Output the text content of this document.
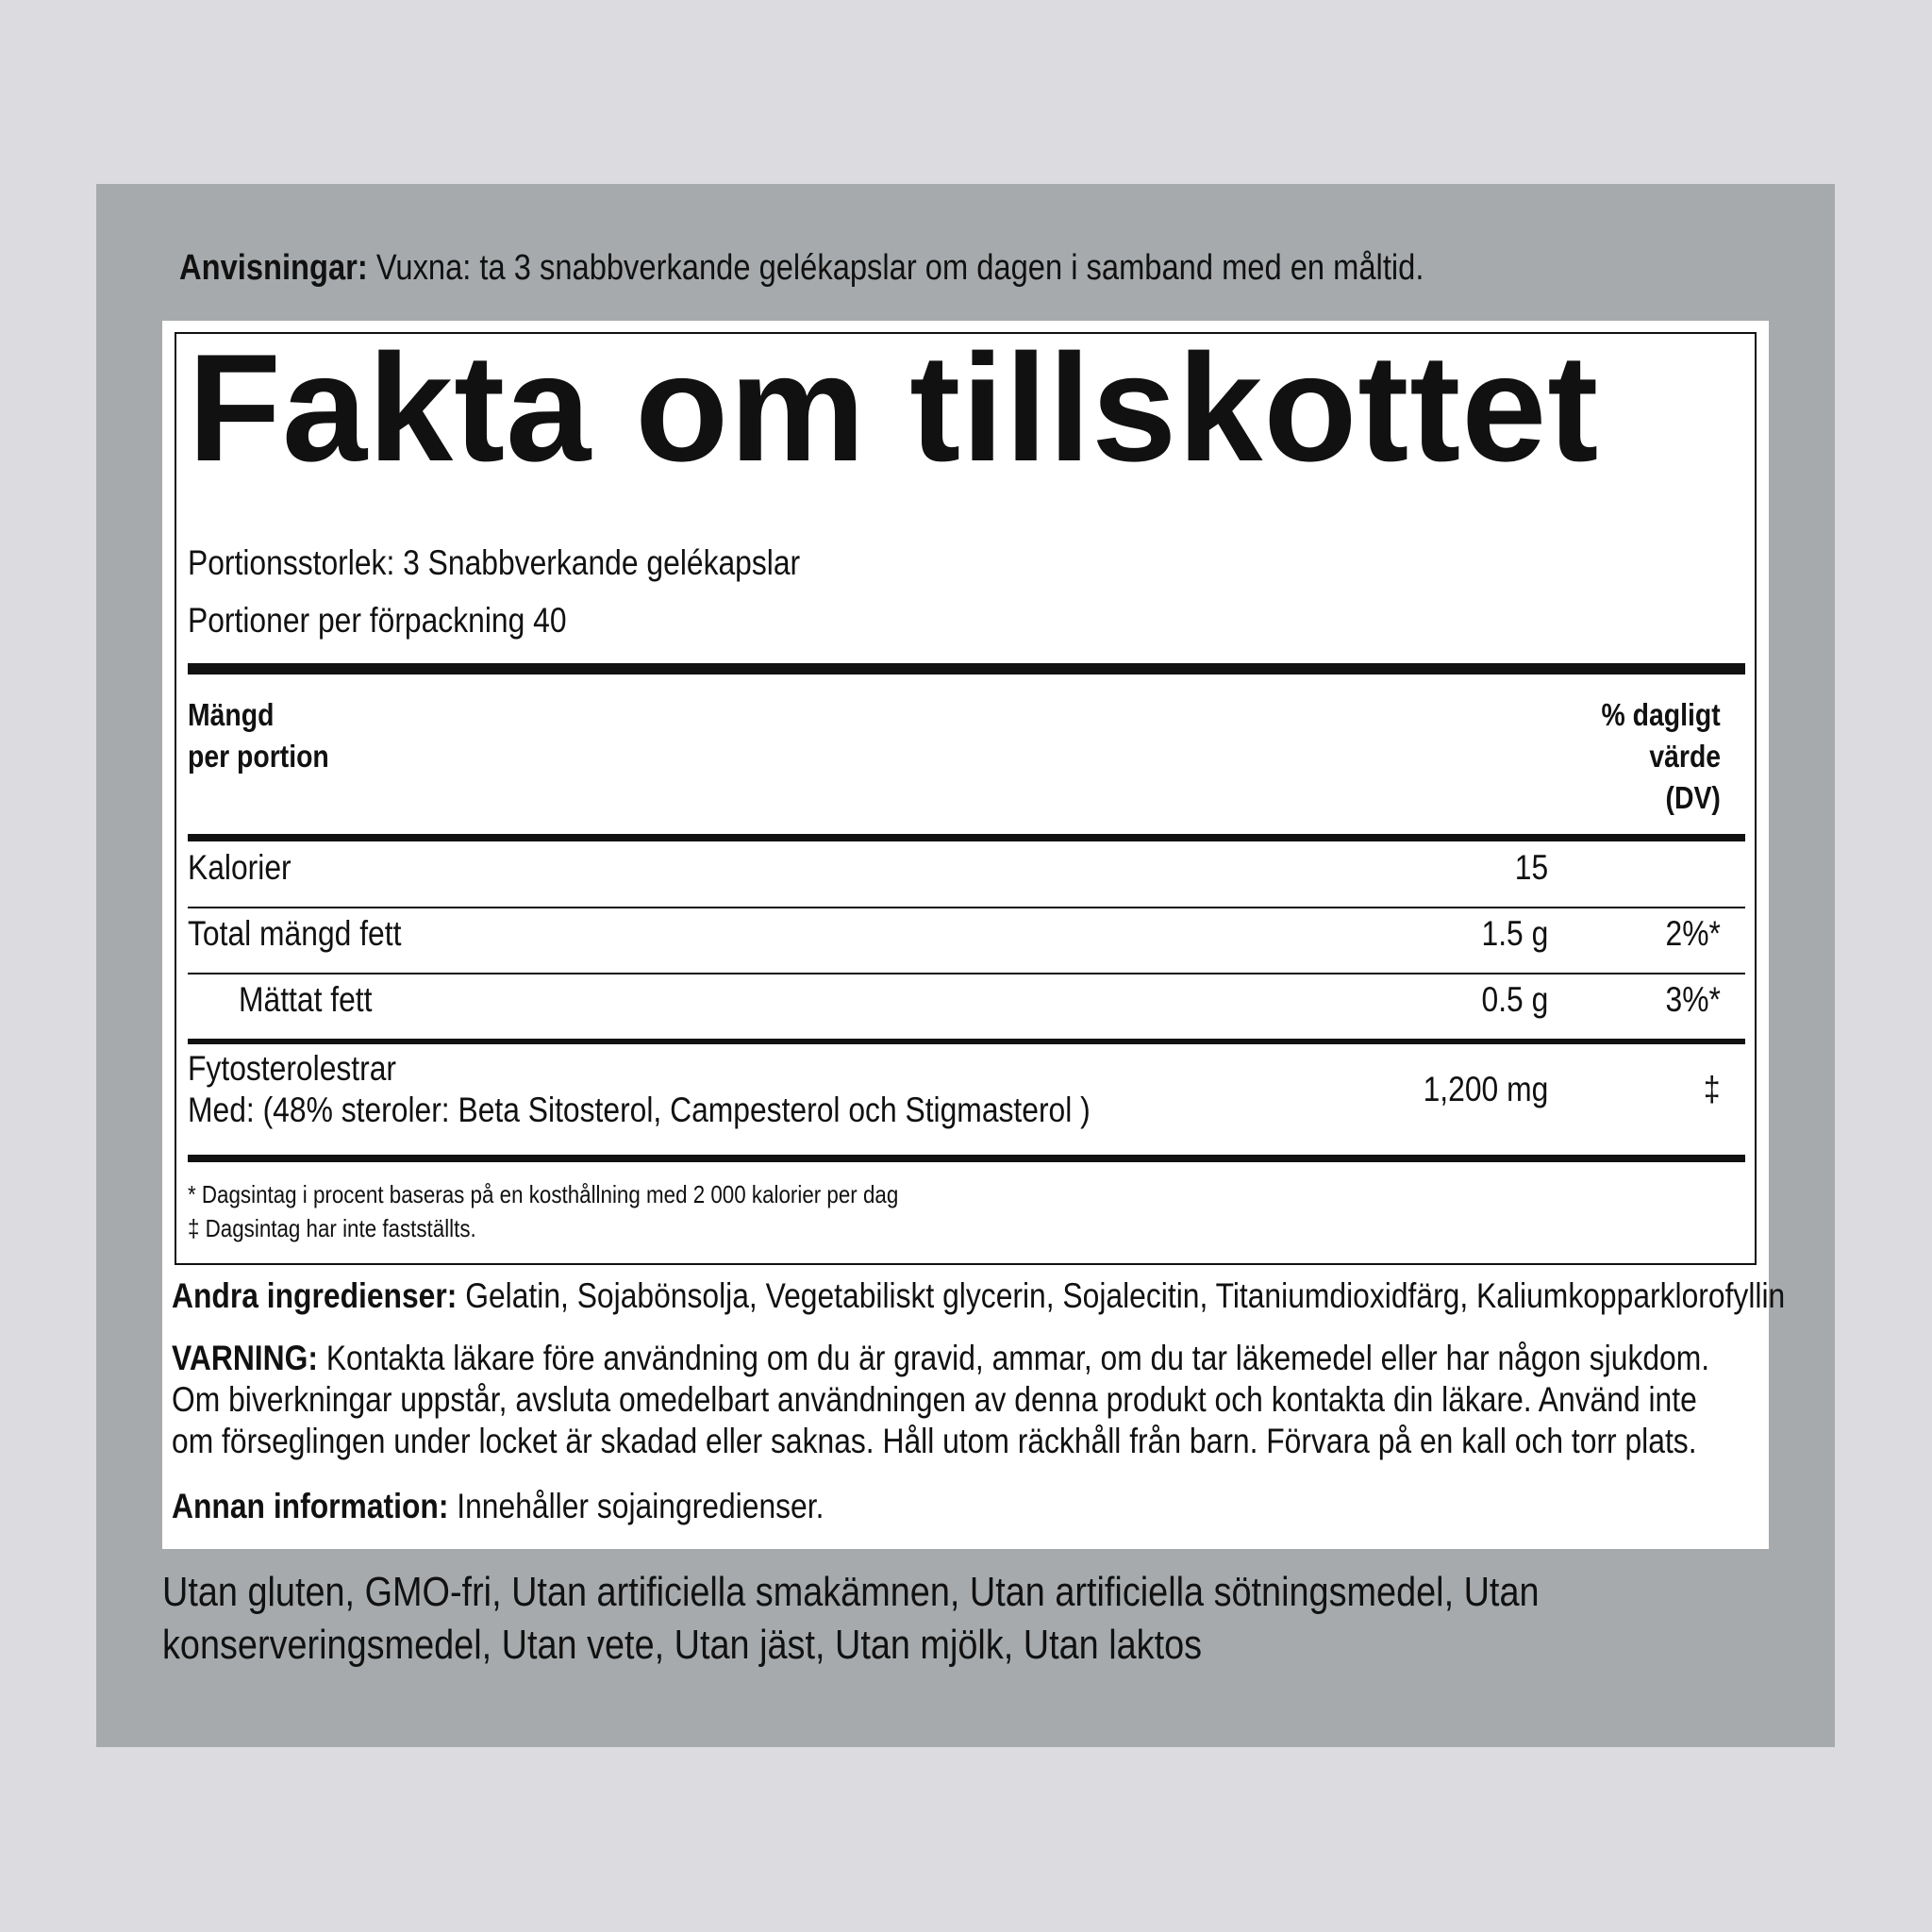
Anvisningar: Vuxna: ta 3 snabbverkande gelékapslar om dagen i samband med en måltid.
Fakta om tillskottet
Portionsstorlek: 3 Snabbverkande gelékapslar
Portioner per förpackning 40
Mängd
per portion
% dagligt
värde
(DV)
Kalorier	15
Total mängd fett	1.5 g	2%*
Mättat fett	0.5 g	3%*
Fytosterolestrar
Med: (48% steroler: Beta Sitosterol, Campesterol och Stigmasterol )
1,200 mg	‡
* Dagsintag i procent baseras på en kosthållning med 2 000 kalorier per dag
‡ Dagsintag har inte fastställts.
Andra ingredienser: Gelatin, Sojabönsolja, Vegetabiliskt glycerin, Sojalecitin, Titaniumdioxidfärg, Kaliumkopparklorofyllin
VARNING: Kontakta läkare före användning om du är gravid, ammar, om du tar läkemedel eller har någon sjukdom. Om biverkningar uppstår, avsluta omedelbart användningen av denna produkt och kontakta din läkare. Använd inte om förseglingen under locket är skadad eller saknas. Håll utom räckhåll från barn. Förvara på en kall och torr plats.
Annan information: Innehåller sojaingredienser.
Utan gluten, GMO-fri, Utan artificiella smakämnen, Utan artificiella sötningsmedel, Utan konserveringsmedel, Utan vete, Utan jäst, Utan mjölk, Utan laktos
